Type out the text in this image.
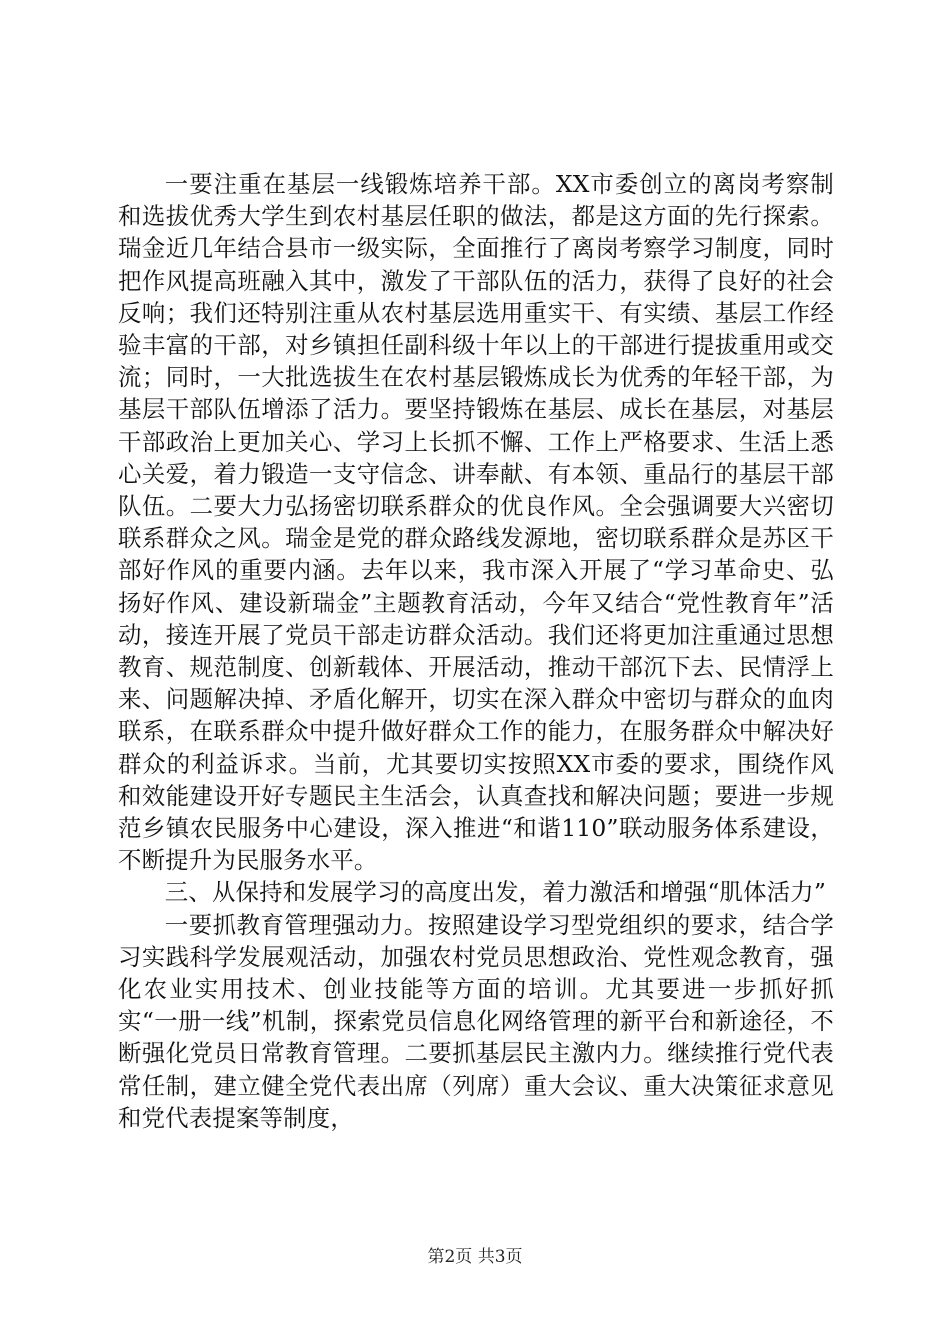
一要注重在基层一线锻炼培养干部。XX市委创立的离岗考察制和选拔优秀大学生到农村基层任职的做法，都是这方面的先行探索。瑞金近几年结合县市一级实际，全面推行了离岗考察学习制度，同时把作风提高班融入其中，激发了干部队伍的活力，获得了良好的社会反响；我们还特别注重从农村基层选用重实干、有实绩、基层工作经验丰富的干部，对乡镇担任副科级十年以上的干部进行提拔重用或交流；同时，一大批选拔生在农村基层锻炼成长为优秀的年轻干部，为基层干部队伍增添了活力。要坚持锻炼在基层、成长在基层，对基层干部政治上更加关心、学习上长抓不懈、工作上严格要求、生活上悉心关爱，着力锻造一支守信念、讲奉献、有本领、重品行的基层干部队伍。二要大力弘扬密切联系群众的优良作风。全会强调要大兴密切联系群众之风。瑞金是党的群众路线发源地，密切联系群众是苏区干部好作风的重要内涵。去年以来，我市深入开展了“学习革命史、弘扬好作风、建设新瑞金”主题教育活动，今年又结合“党性教育年”活动，接连开展了党员干部走访群众活动。我们还将更加注重通过思想教育、规范制度、创新载体、开展活动，推动干部沉下去、民情浮上来、问题解决掉、矛盾化解开，切实在深入群众中密切与群众的血肉联系，在联系群众中提升做好群众工作的能力，在服务群众中解决好群众的利益诉求。当前，尤其要切实按照XX市委的要求，围绕作风和效能建设开好专题民主生活会，认真查找和解决问题；要进一步规范乡镇农民服务中心建设，深入推进“和谐110”联动服务体系建设，不断提升为民服务水平。

三、从保持和发展学习的高度出发，着力激活和增强“肌体活力”

一要抓教育管理强动力。按照建设学习型党组织的要求，结合学习实践科学发展观活动，加强农村党员思想政治、党性观念教育，强化农业实用技术、创业技能等方面的培训。尤其要进一步抓好抓实“一册一线”机制，探索党员信息化网络管理的新平台和新途径，不断强化党员日常教育管理。二要抓基层民主激内力。继续推行党代表常任制，建立健全党代表出席（列席）重大会议、重大决策征求意见和党代表提案等制度，

第2页 共3页
